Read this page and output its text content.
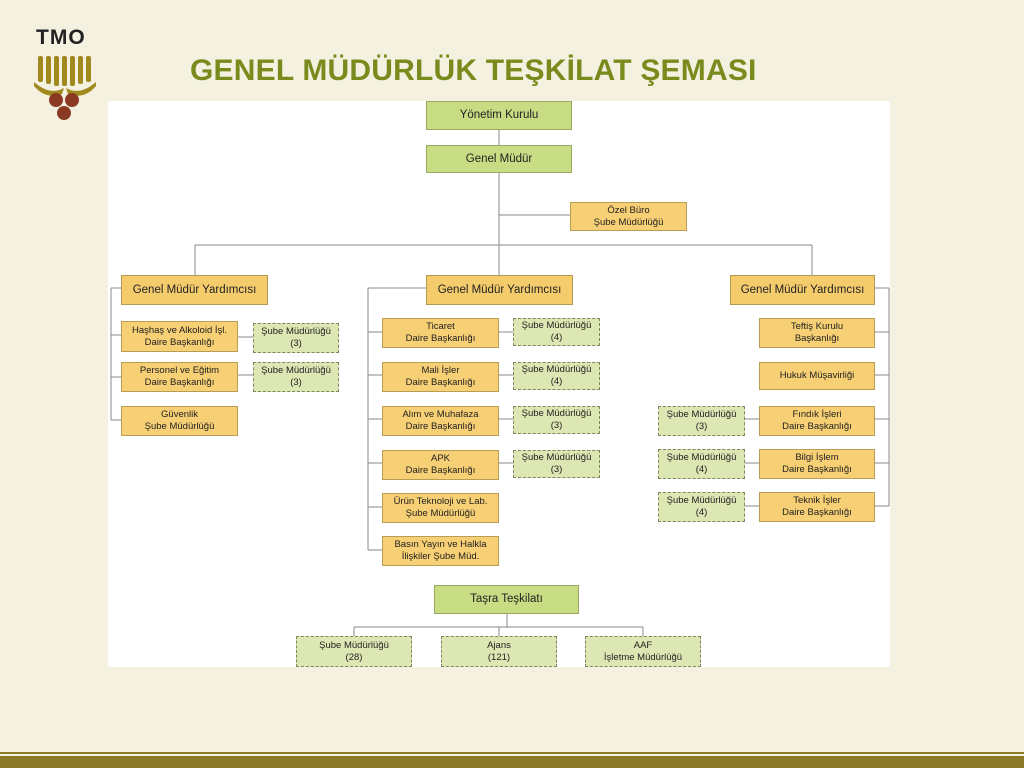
TMO
GENEL MÜDÜRLÜK TEŞKİLAT ŞEMASI
Yönetim Kurulu
Genel Müdür
Özel Büro
Şube Müdürlüğü
Genel Müdür Yardımcısı	Genel Müdür Yardımcısı	Genel Müdür Yardımcısı
Haşhaş ve Alkoloid İşl.
Daire Başkanlığı
Personel ve Eğitim
Daire Başkanlığı
Güvenlik
Şube Müdürlüğü
Şube Müdürlüğü
(3)
Şube Müdürlüğü
(3)
Ticaret
Daire Başkanlığı
Mali İşler
Daire Başkanlığı
Alım ve Muhafaza
Daire Başkanlığı
APK
Daire Başkanlığı
Ürün Teknoloji ve Lab.
Şube Müdürlüğü
Basın Yayın ve Halkla
İlişkiler Şube Müd.
Şube Müdürlüğü
(4)
Şube Müdürlüğü
(4)
Şube Müdürlüğü
(3)
Şube Müdürlüğü
(3)
Teftiş Kurulu
Başkanlığı
Hukuk Müşavirliği
Fındık İşleri
Daire Başkanlığı
Bilgi İşlem
Daire Başkanlığı
Teknik İşler
Daire Başkanlığı
Şube Müdürlüğü
(3)
Şube Müdürlüğü
(4)
Şube Müdürlüğü
(4)
Taşra Teşkilatı
Şube Müdürlüğü
(28)
Ajans
(121)
AAF
İşletme Müdürlüğü
